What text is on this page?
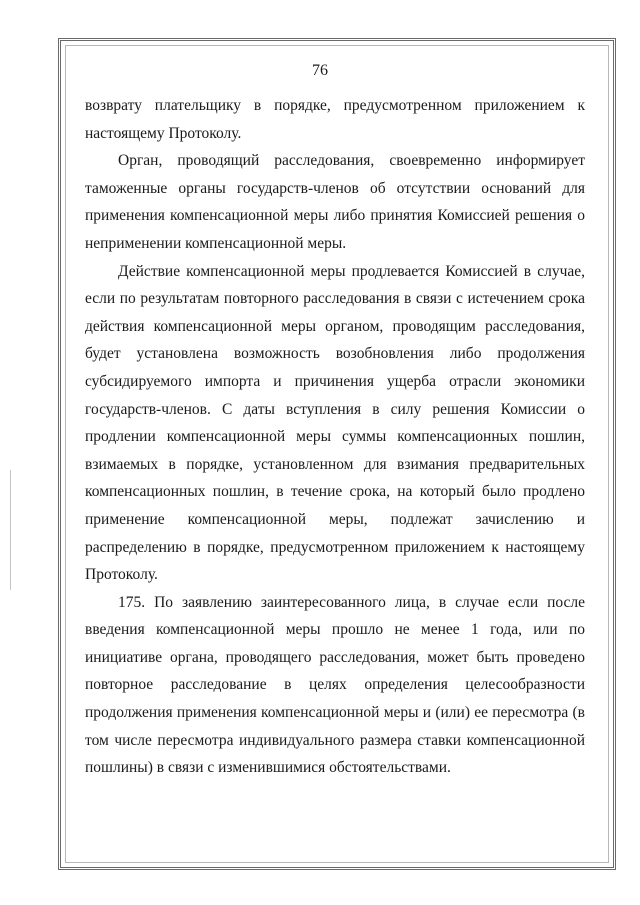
76

возврату плательщику в порядке, предусмотренном приложением к настоящему Протоколу.

Орган, проводящий расследования, своевременно информирует таможенные органы государств-членов об отсутствии оснований для применения компенсационной меры либо принятия Комиссией решения о неприменении компенсационной меры.

Действие компенсационной меры продлевается Комиссией в случае, если по результатам повторного расследования в связи с истечением срока действия компенсационной меры органом, проводящим расследования, будет установлена возможность возобновления либо продолжения субсидируемого импорта и причинения ущерба отрасли экономики государств-членов. С даты вступления в силу решения Комиссии о продлении компенсационной меры суммы компенсационных пошлин, взимаемых в порядке, установленном для взимания предварительных компенсационных пошлин, в течение срока, на который было продлено применение компенсационной меры, подлежат зачислению и распределению в порядке, предусмотренном приложением к настоящему Протоколу.

175. По заявлению заинтересованного лица, в случае если после введения компенсационной меры прошло не менее 1 года, или по инициативе органа, проводящего расследования, может быть проведено повторное расследование в целях определения целесообразности продолжения применения компенсационной меры и (или) ее пересмотра (в том числе пересмотра индивидуального размера ставки компенсационной пошлины) в связи с изменившимися обстоятельствами.
